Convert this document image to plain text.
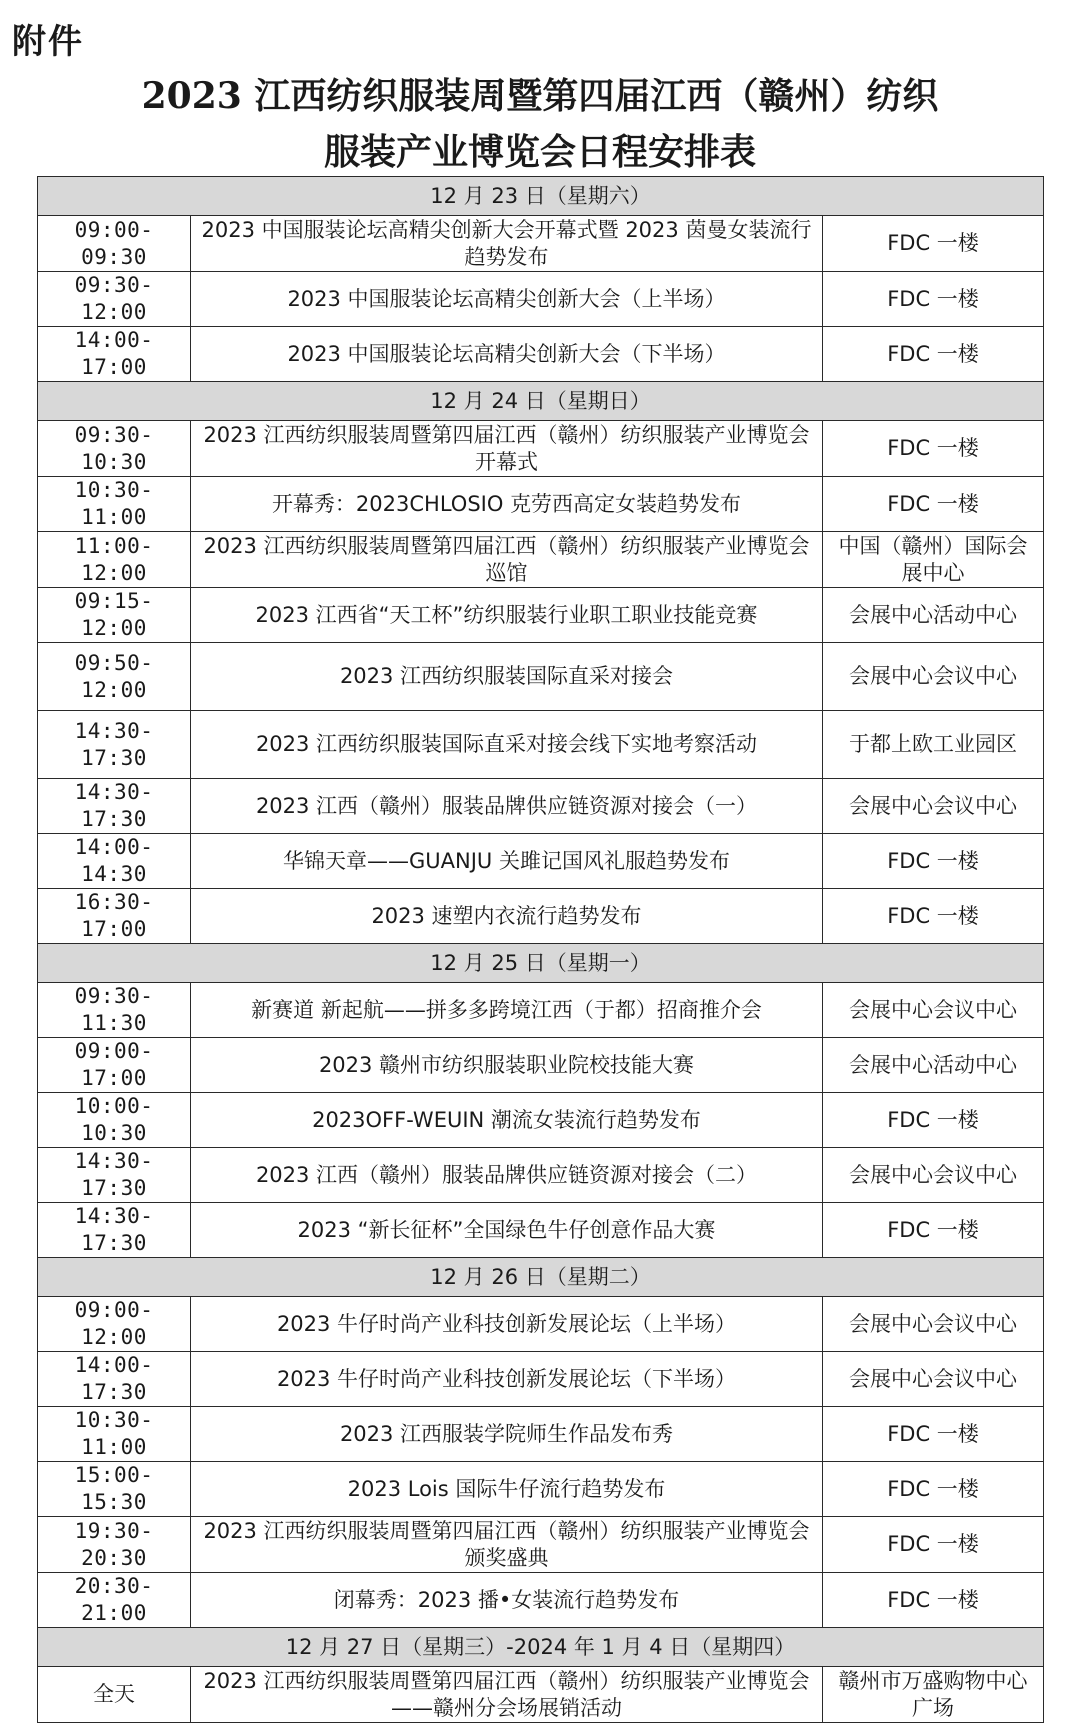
附件
2023 江西纺织服装周暨第四届江西（赣州）纺织
服装产业博览会日程安排表
12 月 23 日（星期六）		
09:00-09:30	2023 中国服装论坛高精尖创新大会开幕式暨 2023 茵曼女装流行趋势发布	FDC 一楼
09:30-12:00	2023 中国服装论坛高精尖创新大会（上半场）	FDC 一楼
14:00-17:00	2023 中国服装论坛高精尖创新大会（下半场）	FDC 一楼
12 月 24 日（星期日）		
09:30-10:30	2023 江西纺织服装周暨第四届江西（赣州）纺织服装产业博览会开幕式	FDC 一楼
10:30-11:00	开幕秀：2023CHLOSIO 克劳西高定女装趋势发布	FDC 一楼
11:00-12:00	2023 江西纺织服装周暨第四届江西（赣州）纺织服装产业博览会巡馆	中国（赣州）国际会展中心
09:15-12:00	2023 江西省“天工杯”纺织服装行业职工职业技能竞赛	会展中心活动中心
09:50-12:00	2023 江西纺织服装国际直采对接会	会展中心会议中心
14:30-17:30	2023 江西纺织服装国际直采对接会线下实地考察活动	于都上欧工业园区
14:30-17:30	2023 江西（赣州）服装品牌供应链资源对接会（一）	会展中心会议中心
14:00-14:30	华锦天章——GUANJU 关雎记国风礼服趋势发布	FDC 一楼
16:30-17:00	2023 速塑内衣流行趋势发布	FDC 一楼
12 月 25 日（星期一）		
09:30-11:30	新赛道 新起航——拼多多跨境江西（于都）招商推介会	会展中心会议中心
09:00-17:00	2023 赣州市纺织服装职业院校技能大赛	会展中心活动中心
10:00-10:30	2023OFF-WEUIN 潮流女装流行趋势发布	FDC 一楼
14:30-17:30	2023 江西（赣州）服装品牌供应链资源对接会（二）	会展中心会议中心
14:30-17:30	2023 “新长征杯”全国绿色牛仔创意作品大赛	FDC 一楼
12 月 26 日（星期二）		
09:00-12:00	2023 牛仔时尚产业科技创新发展论坛（上半场）	会展中心会议中心
14:00-17:30	2023 牛仔时尚产业科技创新发展论坛（下半场）	会展中心会议中心
10:30-11:00	2023 江西服装学院师生作品发布秀	FDC 一楼
15:00-15:30	2023 Lois 国际牛仔流行趋势发布	FDC 一楼
19:30-20:30	2023 江西纺织服装周暨第四届江西（赣州）纺织服装产业博览会颁奖盛典	FDC 一楼
20:30-21:00	闭幕秀：2023 播•女装流行趋势发布	FDC 一楼
12 月 27 日（星期三）-2024 年 1 月 4 日（星期四）		
全天	2023 江西纺织服装周暨第四届江西（赣州）纺织服装产业博览会——赣州分会场展销活动	赣州市万盛购物中心广场
